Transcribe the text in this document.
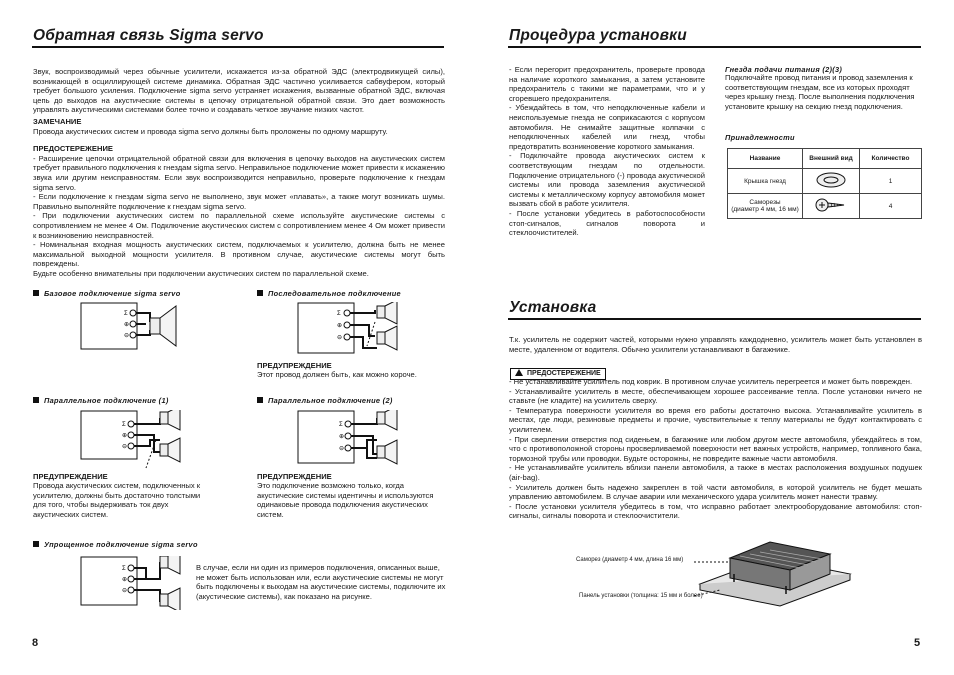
Обратная связь Sigma servo

Звук, воспроизводимый через обычные усилители, искажается из-за обратной ЭДС (электродвижущей силы), возникающей в осциллирующей системе динамика. Обратная ЭДС частично усиливается сабвуфером, который требует большого усиления. Подключение sigma servo устраняет искажения, вызванные обратной ЭДС, включая цепь до выходов на акустические системы в цепочку отрицательной обратной связи. Это дает возможность управлять акустическими системами более точно и создавать четкое звучание низких частот.

ЗАМЕЧАНИЕ

Провода акустических систем и провода sigma servo должны быть проложены по одному маршруту.

ПРЕДОСТЕРЕЖЕНИЕ

- Расширение цепочки отрицательной обратной связи для включения в цепочку выходов на акустических систем требует правильного подключения к гнездам sigma servo. Неправильное подключение может привести к искажению звука или другим неисправностям. Если звук воспроизводится неправильно, проверьте подключение к гнездам sigma servo.

- Если подключение к гнездам sigma servo не выполнено, звук может «плавать», а также могут возникать шумы. Правильно выполняйте подключение к гнездам sigma servo.

- При подключении акустических систем по параллельной схеме используйте акустические системы с сопротивлением не менее 4 Ом. Подключение акустических систем с сопротивлением менее 4 Ом может привести к возникновению неисправностей.

- Номинальная входная мощность акустических систем, подключаемых к усилителю, должна быть не менее максимальной выходной мощности усилителя. В противном случае, акустические системы могут быть повреждены.

Будьте особенно внимательны при подключении акустических систем по параллельной схеме.

Базовое подключение sigma servo	Последовательное подключение
Параллельное подключение (1)	Параллельное подключение (2)
Упрощенное подключение sigma servo
Σ
⊕
⊖
Σ
⊕
⊖
ПРЕДУПРЕЖДЕНИЕ
Этот провод должен быть, как можно короче.
Σ
⊕
⊖
ПРЕДУПРЕЖДЕНИЕ
Провода акустических систем, подключенных к усилителю, должны быть достаточно толстыми для того, чтобы выдерживать ток двух акустических систем.
Σ
⊕
⊖
ПРЕДУПРЕЖДЕНИЕ
Это подключение возможно только, когда акустические системы идентичны и используются одинаковые провода подключения акустических систем.
Σ
⊕
⊖
В случае, если ни один из примеров подключения, описанных выше, не может быть использован или, если акустические системы не могут быть подключены к выходам на акустические системы, подключите их (акустические системы), как показано на рисунке.
8
Процедура установки
- Если перегорит предохранитель, проверьте провода на наличие короткого замыкания, а затем установите предохранитель с такими же параметрами, что и у сгоревшего предохранителя.
- Убеждайтесь в том, что неподключенные кабели и неиспользуемые гнезда не соприкасаются с корпусом автомобиля. Не снимайте защитные колпачки с неподключенных кабелей или гнезд, чтобы предотвратить возникновение короткого замыкания.
- Подключайте провода акустических систем к соответствующим гнездам по отдельности. Подключение отрицательного (-) провода акустической системы или провода заземления акустической системы к металлическому корпусу автомобиля может вызвать сбой в работе усилителя.
- После установки убедитесь в работоспособности стоп-сигналов, сигналов поворота и стеклоочистителей.
Гнезда подачи питания (2)(3)
Подключайте провод питания и провод заземления к соответствующим гнездам, все из которых проходят через крышку гнезд. После выполнения подключения установите крышку на секцию гнезд подключения.
Принадлежности
Название	Внешний вид	Количество
Крышка гнезд		1
Саморезы
(диаметр 4 мм, 16 мм)		4
Установка
Т.к. усилитель не содержит частей, которыми нужно управлять каждодневно, усилитель может быть установлен в месте, удаленном от водителя. Обычно усилители устанавливают в багажнике.
ПРЕДОСТЕРЕЖЕНИЕ
- Не устанавливайте усилитель под коврик. В противном случае усилитель перегреется и может быть поврежден.
- Устанавливайте усилитель в месте, обеспечивающем хорошее рассеивание тепла. После установки ничего не ставьте (не кладите) на усилитель сверху.
- Температура поверхности усилителя во время его работы достаточно высока. Устанавливайте усилитель в местах, где люди, резиновые предметы и прочие, чувствительные к теплу материалы не будут контактировать с усилителем.
- При сверлении отверстия под сиденьем, в багажнике или любом другом месте автомобиля, убеждайтесь в том, что с противоположной стороны просверливаемой поверхности нет важных устройств, например, топливного бака, тормозной трубы или проводки. Будьте осторожны, не повредите важные части автомобиля.
- Не устанавливайте усилитель вблизи панели автомобиля, а также в местах расположения воздушных подушек (air-bag).
- Усилитель должен быть надежно закреплен в той части автомобиля, в которой усилитель не будет мешать управлению автомобилем. В случае аварии или механического удара усилитель может нанести травму.
- После установки усилителя убедитесь в том, что исправно работает электрооборудование автомобиля: стоп-сигналы, сигналы поворота и стеклоочистители.
Саморез (диаметр 4 мм, длина 16 мм)
Панель установки (толщина: 15 мм и более)
5
